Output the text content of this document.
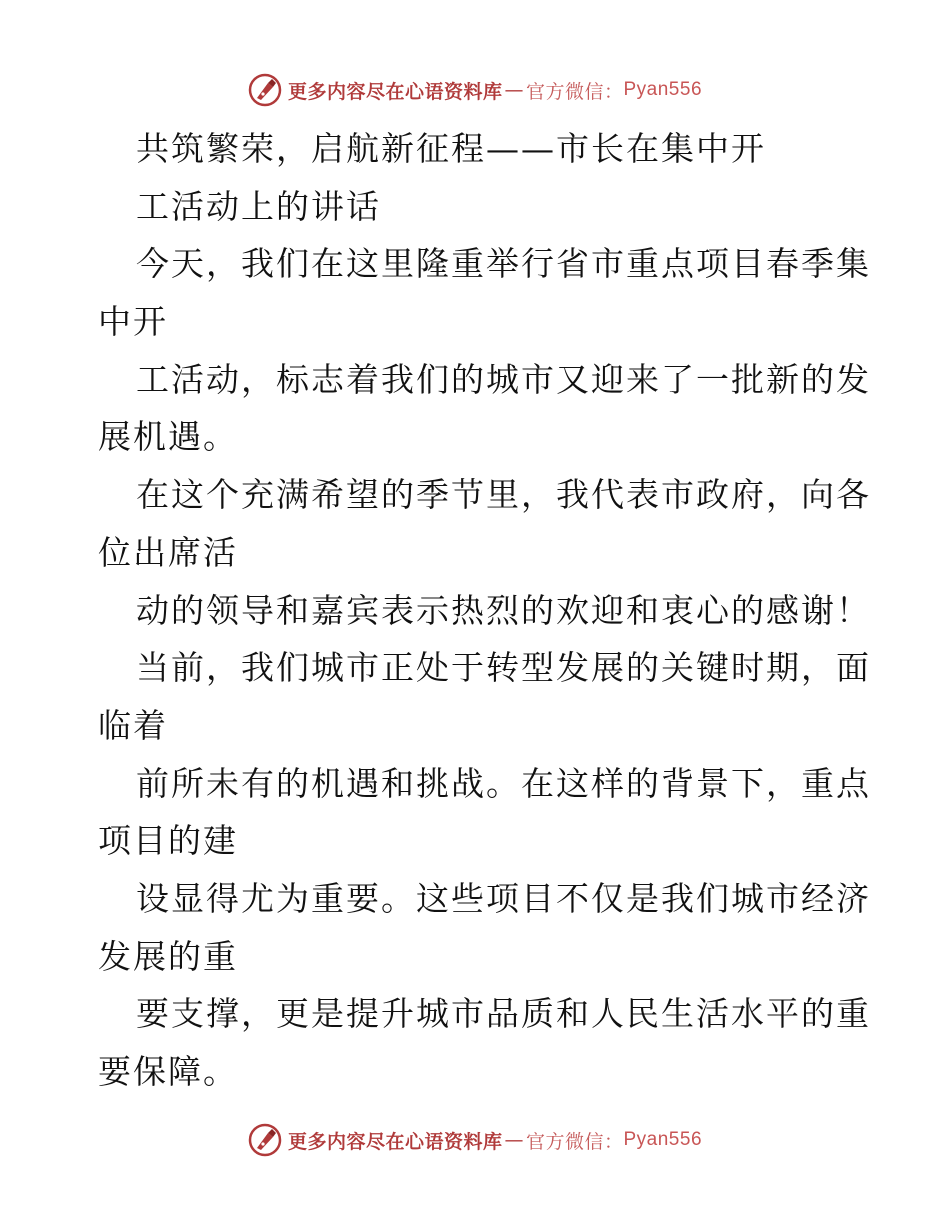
更多内容尽在心语资料库 — 官方微信： Pyan556
共筑繁荣，启航新征程——市长在集中开
工活动上的讲话
今天，我们在这里隆重举行省市重点项目春季集
中开
工活动，标志着我们的城市又迎来了一批新的发
展机遇。
在这个充满希望的季节里，我代表市政府，向各
位出席活
动的领导和嘉宾表示热烈的欢迎和衷心的感谢！
当前，我们城市正处于转型发展的关键时期，面
临着
前所未有的机遇和挑战。在这样的背景下，重点
项目的建
设显得尤为重要。这些项目不仅是我们城市经济
发展的重
要支撑，更是提升城市品质和人民生活水平的重
要保障。
更多内容尽在心语资料库 — 官方微信： Pyan556
